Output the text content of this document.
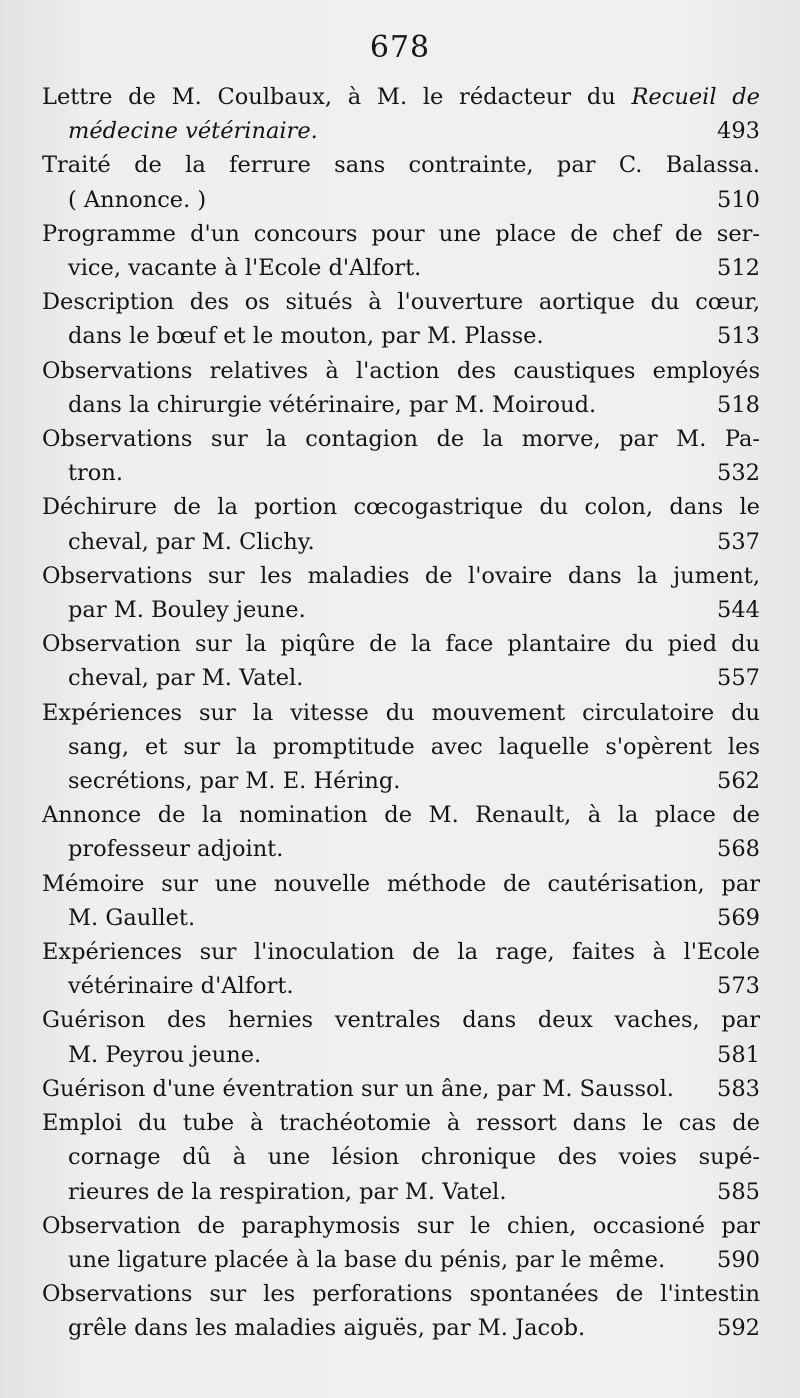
678
Lettre de M. Coulbaux, à M. le rédacteur du Recueil de
médecine vétérinaire.	493
Traité de la ferrure sans contrainte, par C. Balassa.
( Annonce. )	510
Programme d'un concours pour une place de chef de ser-
vice, vacante à l'Ecole d'Alfort.	512
Description des os situés à l'ouverture aortique du cœur,
dans le bœuf et le mouton, par M. Plasse.	513
Observations relatives à l'action des caustiques employés
dans la chirurgie vétérinaire, par M. Moiroud.	518
Observations sur la contagion de la morve, par M. Pa-
tron.	532
Déchirure de la portion cœcogastrique du colon, dans le
cheval, par M. Clichy.	537
Observations sur les maladies de l'ovaire dans la jument,
par M. Bouley jeune.	544
Observation sur la piqûre de la face plantaire du pied du
cheval, par M. Vatel.	557
Expériences sur la vitesse du mouvement circulatoire du
sang, et sur la promptitude avec laquelle s'opèrent les
secrétions, par M. E. Héring.	562
Annonce de la nomination de M. Renault, à la place de
professeur adjoint.	568
Mémoire sur une nouvelle méthode de cautérisation, par
M. Gaullet.	569
Expériences sur l'inoculation de la rage, faites à l'Ecole
vétérinaire d'Alfort.	573
Guérison des hernies ventrales dans deux vaches, par
M. Peyrou jeune.	581
Guérison d'une éventration sur un âne, par M. Saussol.	583
Emploi du tube à trachéotomie à ressort dans le cas de
cornage dû à une lésion chronique des voies supé-
rieures de la respiration, par M. Vatel.	585
Observation de paraphymosis sur le chien, occasioné par
une ligature placée à la base du pénis, par le même.	590
Observations sur les perforations spontanées de l'intestin
grêle dans les maladies aiguës, par M. Jacob.	592
